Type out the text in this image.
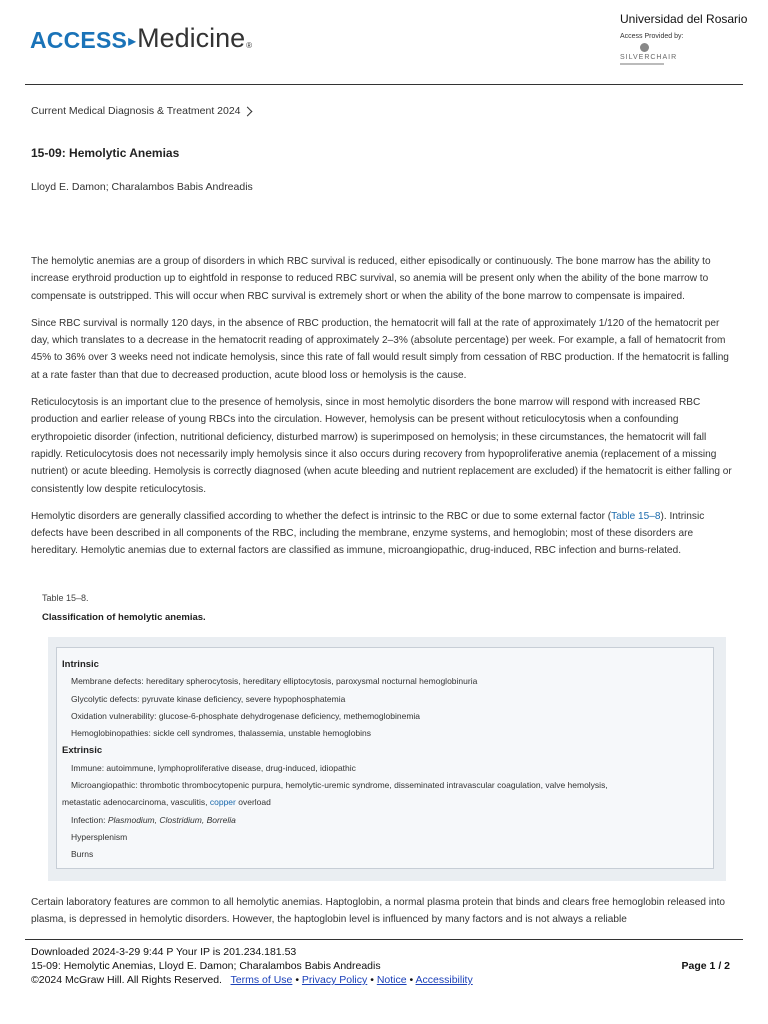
ACCESS ▸ Medicine ®
Universidad del Rosario
Access Provided by:
SILVERCHAIR
Current Medical Diagnosis & Treatment 2024
15-09: Hemolytic Anemias
Lloyd E. Damon; Charalambos Babis Andreadis

The hemolytic anemias are a group of disorders in which RBC survival is reduced, either episodically or continuously. The bone marrow has the ability to increase erythroid production up to eightfold in response to reduced RBC survival, so anemia will be present only when the ability of the bone marrow to compensate is outstripped. This will occur when RBC survival is extremely short or when the ability of the bone marrow to compensate is impaired.

Since RBC survival is normally 120 days, in the absence of RBC production, the hematocrit will fall at the rate of approximately 1/120 of the hematocrit per day, which translates to a decrease in the hematocrit reading of approximately 2–3% (absolute percentage) per week. For example, a fall of hematocrit from 45% to 36% over 3 weeks need not indicate hemolysis, since this rate of fall would result simply from cessation of RBC production. If the hematocrit is falling at a rate faster than that due to decreased production, acute blood loss or hemolysis is the cause.

Reticulocytosis is an important clue to the presence of hemolysis, since in most hemolytic disorders the bone marrow will respond with increased RBC production and earlier release of young RBCs into the circulation. However, hemolysis can be present without reticulocytosis when a confounding erythropoietic disorder (infection, nutritional deficiency, disturbed marrow) is superimposed on hemolysis; in these circumstances, the hematocrit will fall rapidly. Reticulocytosis does not necessarily imply hemolysis since it also occurs during recovery from hypoproliferative anemia (replacement of a missing nutrient) or acute bleeding. Hemolysis is correctly diagnosed (when acute bleeding and nutrient replacement are excluded) if the hematocrit is either falling or consistently low despite reticulocytosis.

Hemolytic disorders are generally classified according to whether the defect is intrinsic to the RBC or due to some external factor (Table 15–8). Intrinsic defects have been described in all components of the RBC, including the membrane, enzyme systems, and hemoglobin; most of these disorders are hereditary. Hemolytic anemias due to external factors are classified as immune, microangiopathic, drug-induced, RBC infection and burns-related.

Table 15–8.
Classification of hemolytic anemias.
Intrinsic
Membrane defects: hereditary spherocytosis, hereditary elliptocytosis, paroxysmal nocturnal hemoglobinuria
Glycolytic defects: pyruvate kinase deficiency, severe hypophosphatemia
Oxidation vulnerability: glucose-6-phosphate dehydrogenase deficiency, methemoglobinemia
Hemoglobinopathies: sickle cell syndromes, thalassemia, unstable hemoglobins
Extrinsic
Immune: autoimmune, lymphoproliferative disease, drug-induced, idiopathic
Microangiopathic: thrombotic thrombocytopenic purpura, hemolytic-uremic syndrome, disseminated intravascular coagulation, valve hemolysis,
metastatic adenocarcinoma, vasculitis, copper overload
Infection: Plasmodium, Clostridium, Borrelia
Hypersplenism
Burns

Certain laboratory features are common to all hemolytic anemias. Haptoglobin, a normal plasma protein that binds and clears free hemoglobin released into plasma, is depressed in hemolytic disorders. However, the haptoglobin level is influenced by many factors and is not always a reliable

Downloaded 2024-3-29 9:44 P Your IP is 201.234.181.53
15-09: Hemolytic Anemias, Lloyd E. Damon; Charalambos Babis Andreadis
©2024 McGraw Hill. All Rights Reserved. Terms of Use • Privacy Policy • Notice • Accessibility
Page 1 / 2
